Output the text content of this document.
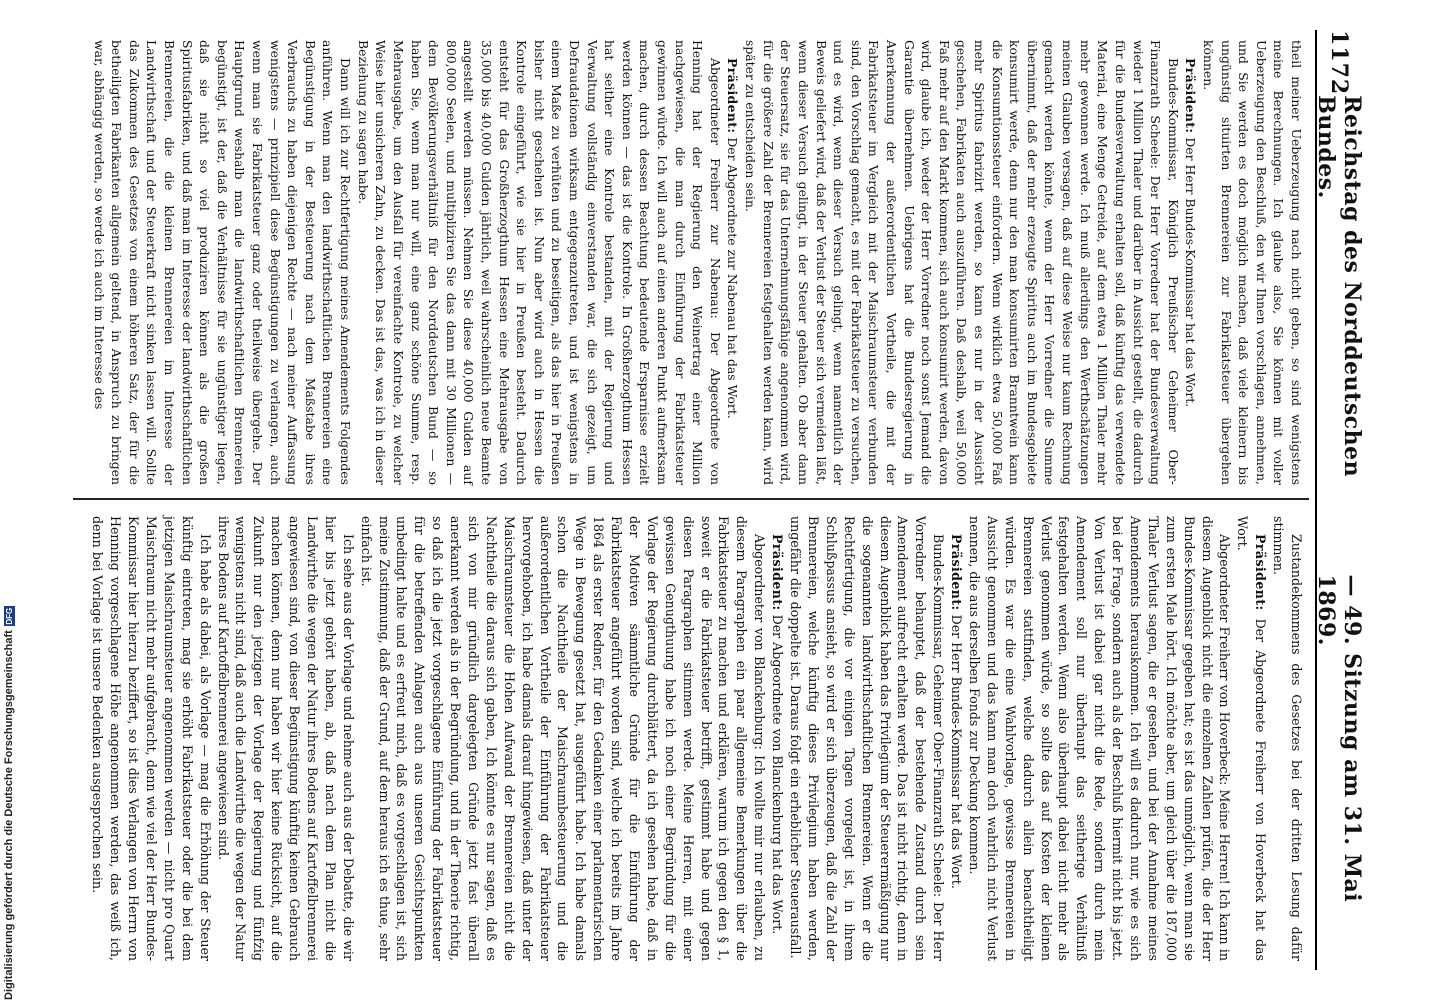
1172
Reichstag des Norddeutschen Bundes.
— 49. Sitzung am 31. Mai 1869.

theil meiner Ueberzeugung nach nicht geben, so sind wenigstens meine Berechnungen. Ich glaube also, Sie können mit voller Ueberzeugung den Beschluß, den wir Ihnen vorschlagen, annehmen, und Sie werden es doch möglich machen, daß viele kleinern bis ungünstig situirten Brennereien zur Fabrikatsteuer übergehen können.

Präsident: Der Herr Bundes-Kommissar hat das Wort.

Bundes-Kommissar, Königlich Preußischer Geheimer Ober-Finanzrath Scheele: Der Herr Vorredner hat der Bundesverwaltung wieder 1 Million Thaler und darüber in Aussicht gestellt, die dadurch für die Bundesverwaltung erhalten soll, daß künftig das verwendete Material, eine Menge Getreide, auf dem etwa 1 Million Thaler mehr mehr gewonnen werde. Ich muß allerdings den Werthschätzungen meinen Glauben versagen, daß auf diese Weise nur kaum Rechnung gemacht werden könnte, wenn der Herr Vorredner die Summe übernimmt, daß der mehr erzeugte Spiritus auch im Bundesgebiete konsumirt werde, denn nur den man konsumirten Branntwein kann die Konsumtionssteuer einfordern. Wenn wirklich etwa 50,000 Faß mehr Spiritus fabrizirt werden, so kann es nur in der Aussicht geschehen, Fabrikaten auch auszuführen. Daß deshalb, weil 50,000 Faß mehr auf den Markt kommen, sich auch konsumirt werden, davon wird, glaube ich, weder der Herr Vorredner noch sonst Jemand die Garantie übernehmen. Uebrigens hat die Bundesregierung in Anerkennung der außerordentlichen Vortheile, die mit der Fabrikatsteuer im Vergleich mit der Maischraumsteuer verbunden sind, den Vorschlag gemacht, es mit der Fabrikatsteuer zu versuchen, und es wird, wenn dieser Versuch gelingt, wenn namentlich der Beweis geliefert wird, daß der Verlust der Steuer sich vermeiden läßt, wenn dieser Versuch gelingt, in der Steuer gehalten. Ob aber dann der Steuersatz, sie für das Unternehmungsfähige angenommen wird, für die größere Zahl der Brennereien festgehalten werden kann, wird später zu entscheiden sein.

Präsident: Der Abgeordnete zur Nabenau hat das Wort.

Abgeordneter Freiherr zur Nabenau: Der Abgeordnete von Henning hat der Regierung den Weinertrag einer Million nachgewiesen, die man durch Einführung der Fabrikatsteuer gewinnen würde. Ich will auch auf einen anderen Punkt aufmerksam machen, durch dessen Beachtung bedeutende Ersparnisse erzielt werden können — das ist die Kontrole. In Großherzogthum Hessen hat seither eine Kontrole bestanden, mit der Regierung und Verwaltung vollständig einverstanden war, die sich gezeigt, um Defraudationen wirksam entgegenzutreten, und ist wenigstens in einem Maße zu verhüten und zu beseitigen, als das hier in Preußen bisher nicht geschehen ist. Nun aber wird auch in Hessen die Kontrole eingeführt, wie sie hier in Preußen besteht. Dadurch entsteht für das Großherzogthum Hessen eine Mehrausgabe von 35,000 bis 40,000 Gulden jährlich, weil wahrscheinlich neue Beamte angestellt werden müssen. Nehmen Sie diese 40,000 Gulden auf 800,000 Seelen, und multipliziren Sie das dann mit 30 Millionen — dem Bevölkerungsverhältniß für den Norddeutschen Bund — so haben Sie, wenn man nur will, eine ganz schöne Summe, resp. Mehrausgabe, um den Ausfall für vereinfachte Kontrole, zu welcher Weise hier unsicheren Zahn, zu decken. Das ist das, was ich in dieser Beziehung zu sagen habe.

Dann will ich zur Rechtfertigung meines Amendements Folgendes anführen. Wenn man den landwirthschaftlichen Brennereien eine Begünstigung in der Besteuerung nach dem Maßstabe ihres Verbrauchs zu haben diejenigen Rechte — nach meiner Auffassung wenigstens — prinzipiell diese Begünstigungen zu verlangen, auch wenn man sie Fabrikatsteuer ganz oder theilweise übergehe. Der Hauptgrund weshalb man die landwirthschaftlichen Brennereien begünstigt, ist der, daß die Verhältnisse für sie ungünstiger liegen, daß sie nicht so viel produziren können als die großen Spiritusfabriken, und daß man im Interesse der landwirthschaftlichen Brennereien, die die kleinen Brennereien im Interesse der Landwirthschaft und der Steuerkraft nicht sinken lassen will. Sollte das Zukommen des Gesetzes von einem höheren Satz, der für die betheiligten Fabrikanten allgemein geltend, in Anspruch zu bringen war, abhängig werden, so werde ich auch im Interesse des

Zustandekommens des Gesetzes bei der dritten Lesung dafür stimmen.

Präsident: Der Abgeordnete Freiherr von Hoverbeck hat das Wort.

Abgeordneter Freiherr von Hoverbeck: Meine Herren! Ich kann in diesem Augenblick nicht die einzelnen Zahlen prüfen, die der Herr Bundes-Kommissar gegeben hat; es ist das unmöglich, wenn man sie zum ersten Male hört. Ich möchte aber, um gleich über die 187,000 Thaler Verlust sagen, die er gesehen, und bei der Annahme meines Amendements herauskommen. Ich will es dadurch nur, wie es sich bei der Frage, sondern auch als der Beschluß hiermit nicht bis jetzt. Von Verlust ist dabei gar nicht die Rede, sondern durch mein Amendement soll nur überhaupt das seitherige Verhältniß festgehalten werden. Wenn also überhaupt dabei nicht mehr als Verlust genommen würde, so sollte das auf Kosten der kleinen Brennereien stattfinden, welche dadurch allein benachtheiligt würden. Es war die eine Wahlvorlage, gewisse Brennereien in Aussicht genommen und das kann man doch wahrlich nicht Verlust nennen, die aus derselben Fonds zur Deckung kommen.

Präsident: Der Herr Bundes-Kommissar hat das Wort.

Bundes-Kommissar, Geheimer Ober-Finanzrath Scheele: Der Herr Vorredner behauptet, daß der bestehende Zustand durch sein Amendement aufrecht erhalten werde. Das ist nicht richtig, denn in diesem Augenblick haben das Privilegium der Steuerermäßigung nur die sogenannten landwirthschaftlichen Brennereien. Wenn er die Rechtfertigung, die vor einigen Tagen vorgelegt ist, in ihrem Schlußpassus ansieht, so wird er sich überzeugen, daß die Zahl der Brennereien, welche künftig dieses Privilegium haben werden, ungefähr die doppelte ist. Daraus folgt ein erheblicher Steuerausfall.

Präsident: Der Abgeordnete von Blanckenburg hat das Wort.

Abgeordneter von Blanckenburg: Ich wollte mir nur erlauben, zu diesem Paragraphen ein paar allgemeine Bemerkungen über die Fabrikatsteuer zu machen und erklären, warum ich gegen den § 1, soweit er die Fabrikatsteuer betrifft, gestimmt habe und gegen diesen Paragraphen stimmen werde. Meine Herren, mit einer gewissen Genugthuung habe ich noch einer Begründung für die Vorlage der Regierung durchblättert, da ich gesehen habe, daß in der Motiven sämmtliche Gründe für die Einführung der Fabrikatsteuer angeführt worden sind, welche ich bereits im Jahre 1864 als erster Redner, für den Gedanken einer parlamentarischen Wege in Bewegung gesetzt hat, ausgeführt habe. Ich habe damals schon die Nachtheile der Maischraumbesteuerung und die außerordentlichen Vortheile der Einführung der Fabrikatsteuer hervorgehoben, ich habe damals darauf hingewiesen, daß unter der Maischraumsteuer die Hohen Aufwand der Brennereien nicht die Nachtheile die daraus sich gaben, Ich könnte es nur sagen, daß es sich von mir gründlich dargelegten Gründe jetzt fast überall anerkannt werden als in der Begründung, und in der Theorie richtig, so daß ich die jetzt vorgeschlagene Einführung der Fabrikatsteuer für die betreffenden Anlagen auch aus unseren Gesichtspunkten unbedingt halte und es erfreut mich, daß es vorgeschlagen ist, sich meine Zustimmung, daß der Grund, auf dem heraus ich es thue, sehr einfach ist.

Ich sehe aus der Vorlage und nehme auch aus der Debatte, die wir hier bis jetzt gehört haben, ab, daß nach dem Plan nicht die Landwirthe die wegen der Natur ihres Bodens auf Kartoffelbrennerei angewiesen sind, von dieser Begünstigung künftig keinen Gebrauch machen können, denn nur haben wir hier keine Rücksicht, auf die Zukunft nur den jetzigen der Vorlage der Regierung und fünfzig wenigstens nicht sind, daß auch die Landwirthe die wegen der Natur ihres Bodens auf Kartoffelbrennerei angewiesen sind.

Ich habe als dabei, als Vorlage — mag die Erhöhung der Steuer künftig eintreten, mag sie erhöht Fabrikatsteuer oder die bei dem jetzigen Maischraumsteuer angenommen werden — nicht pro Quart Maischraum nicht mehr aufgebracht, denn wie viel der Herr Bundes-Kommissar hier hierzu beziffert, so ist dies Verlangen von Herrn von Henning vorgeschlagene Höhe angenommen werden, das weiß ich, denn bei Vorlage ist unsere Bedenken ausgesprochen sein.

Digitalisierung gefördert durch die Deutsche Forschungsgemeinschaft
DFG
